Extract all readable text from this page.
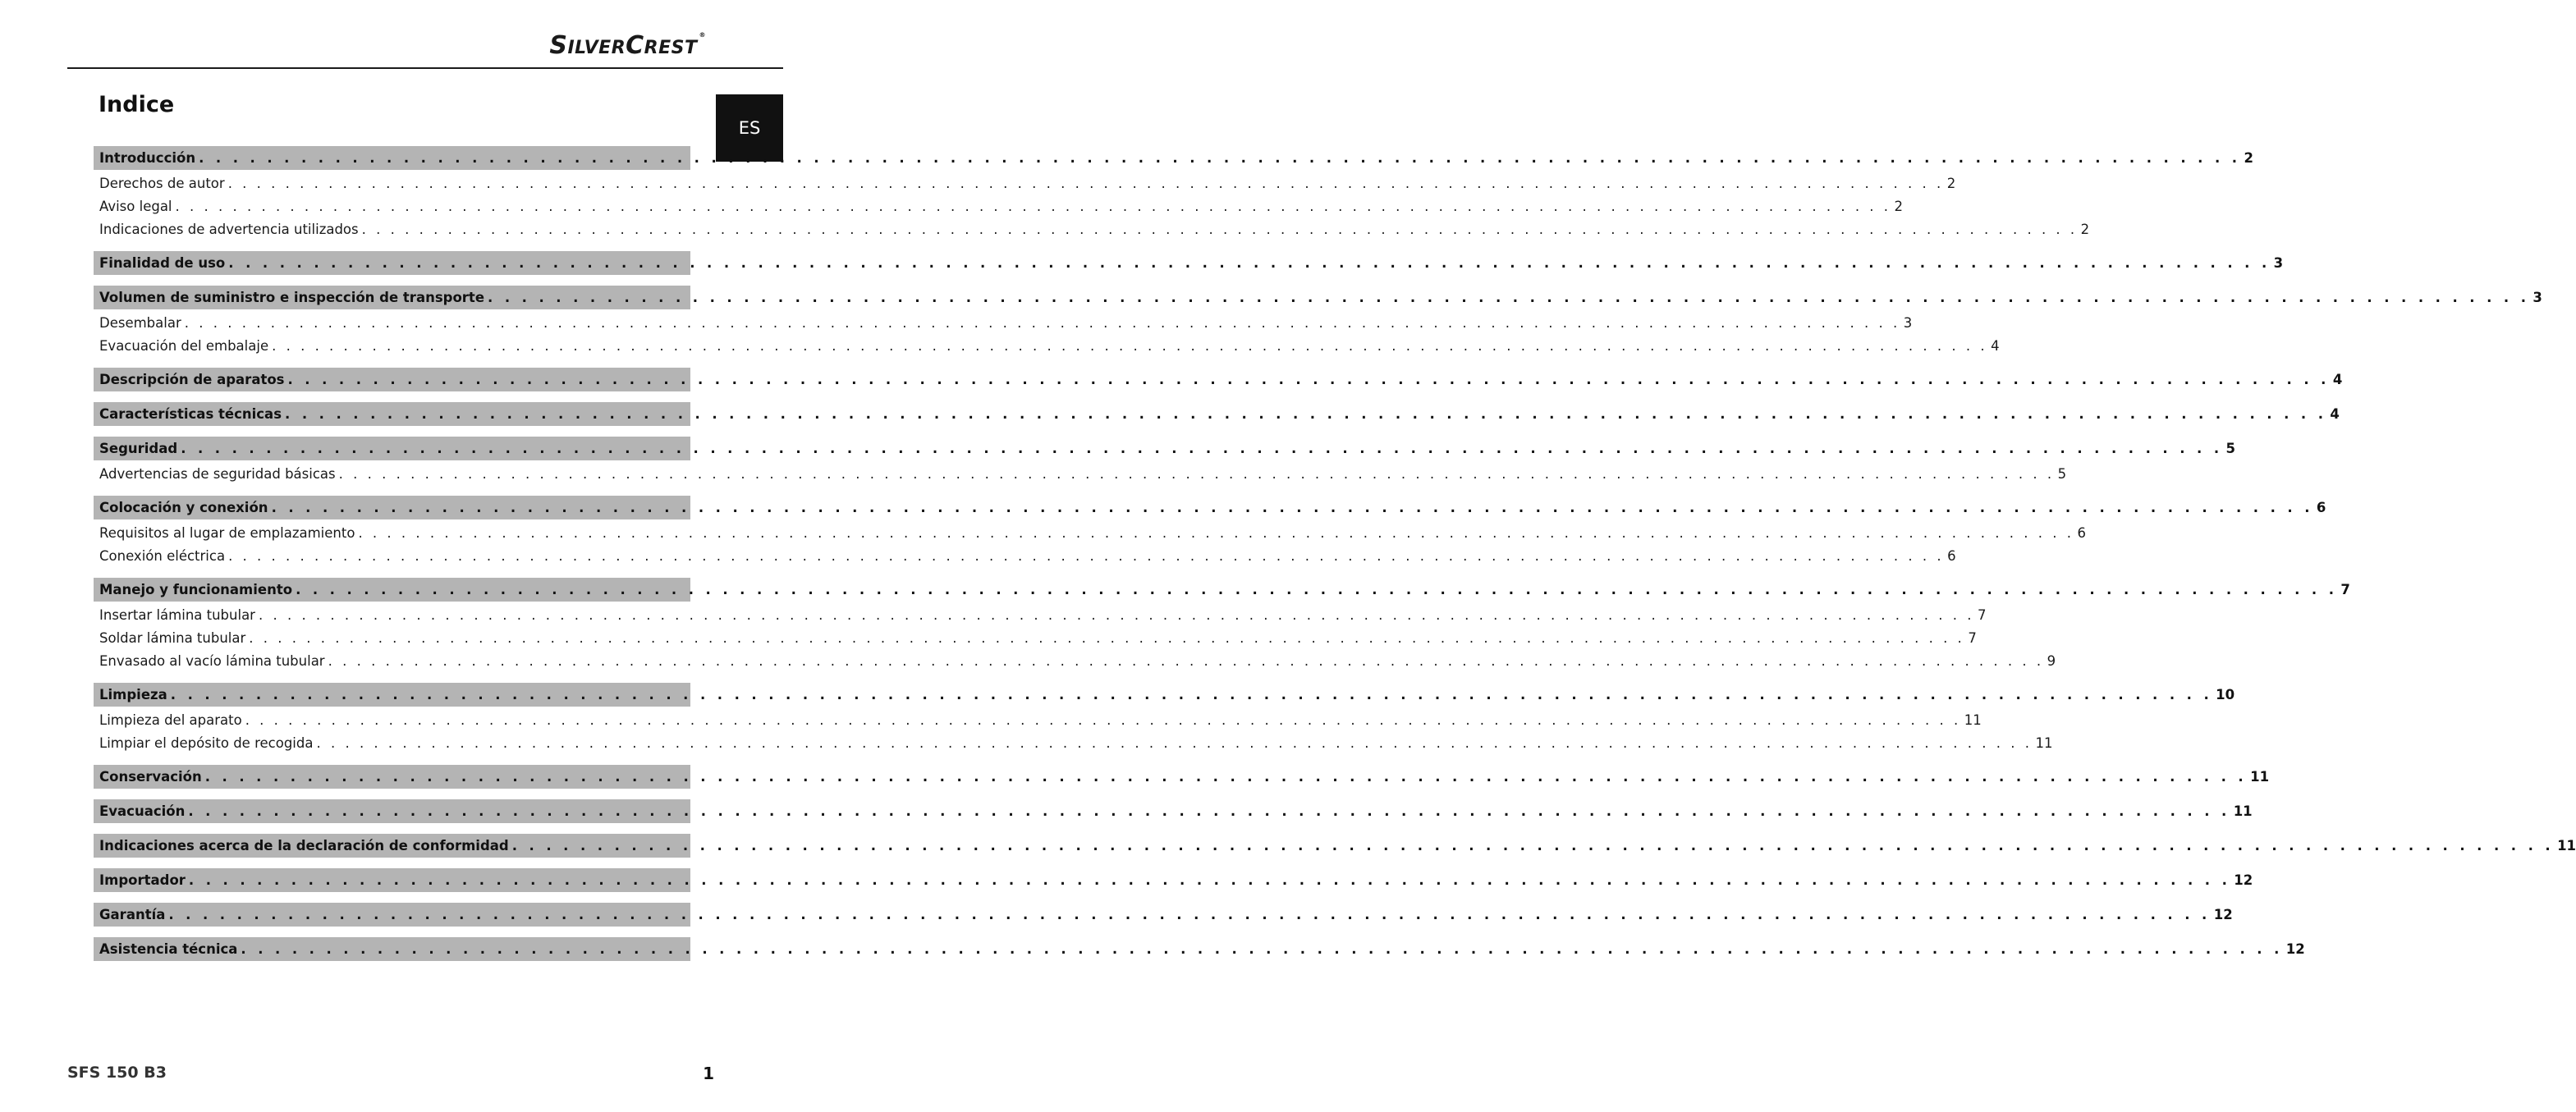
SILVERCREST®
ES
Indice
Introducción . . . . . . . . . . . . . . . . . . . . . . . . . . . . . . . . . . . . . . . . . . . . . . . . . . . . . . . . . . . . . . . . . . . . . . . . . . . . . . . . . . . . . . . . . . . . . . . . . . . . . . . . . . . . . . . . . . . . . . . . 2
Derechos de autor . . . . . . . . . . . . . . . . . . . . . . . . . . . . . . . . . . . . . . . . . . . . . . . . . . . . . . . . . . . . . . . . . . . . . . . . . . . . . . . . . . . . . . . . . . . . . . . . . . . . . . . . . . . . . . . . . . . . . . . . 2
Aviso legal . . . . . . . . . . . . . . . . . . . . . . . . . . . . . . . . . . . . . . . . . . . . . . . . . . . . . . . . . . . . . . . . . . . . . . . . . . . . . . . . . . . . . . . . . . . . . . . . . . . . . . . . . . . . . . . . . . . . . . . . 2
Indicaciones de advertencia utilizados . . . . . . . . . . . . . . . . . . . . . . . . . . . . . . . . . . . . . . . . . . . . . . . . . . . . . . . . . . . . . . . . . . . . . . . . . . . . . . . . . . . . . . . . . . . . . . . . . . . . . . . . . . . . . . . . . . . . . . . . 2
Finalidad de uso . . . . . . . . . . . . . . . . . . . . . . . . . . . . . . . . . . . . . . . . . . . . . . . . . . . . . . . . . . . . . . . . . . . . . . . . . . . . . . . . . . . . . . . . . . . . . . . . . . . . . . . . . . . . . . . . . . . . . . . . 3
Volumen de suministro e inspección de transporte . . . . . . . . . . . . . . . . . . . . . . . . . . . . . . . . . . . . . . . . . . . . . . . . . . . . . . . . . . . . . . . . . . . . . . . . . . . . . . . . . . . . . . . . . . . . . . . . . . . . . . . . . . . . . . . . . . . . . . . . 3
Desembalar . . . . . . . . . . . . . . . . . . . . . . . . . . . . . . . . . . . . . . . . . . . . . . . . . . . . . . . . . . . . . . . . . . . . . . . . . . . . . . . . . . . . . . . . . . . . . . . . . . . . . . . . . . . . . . . . . . . . . . . . 3
Evacuación del embalaje . . . . . . . . . . . . . . . . . . . . . . . . . . . . . . . . . . . . . . . . . . . . . . . . . . . . . . . . . . . . . . . . . . . . . . . . . . . . . . . . . . . . . . . . . . . . . . . . . . . . . . . . . . . . . . . . . . . . . . . . 4
Descripción de aparatos . . . . . . . . . . . . . . . . . . . . . . . . . . . . . . . . . . . . . . . . . . . . . . . . . . . . . . . . . . . . . . . . . . . . . . . . . . . . . . . . . . . . . . . . . . . . . . . . . . . . . . . . . . . . . . . . . . . . . . . . 4
Características técnicas . . . . . . . . . . . . . . . . . . . . . . . . . . . . . . . . . . . . . . . . . . . . . . . . . . . . . . . . . . . . . . . . . . . . . . . . . . . . . . . . . . . . . . . . . . . . . . . . . . . . . . . . . . . . . . . . . . . . . . . . 4
Seguridad . . . . . . . . . . . . . . . . . . . . . . . . . . . . . . . . . . . . . . . . . . . . . . . . . . . . . . . . . . . . . . . . . . . . . . . . . . . . . . . . . . . . . . . . . . . . . . . . . . . . . . . . . . . . . . . . . . . . . . . . 5
Advertencias de seguridad básicas . . . . . . . . . . . . . . . . . . . . . . . . . . . . . . . . . . . . . . . . . . . . . . . . . . . . . . . . . . . . . . . . . . . . . . . . . . . . . . . . . . . . . . . . . . . . . . . . . . . . . . . . . . . . . . . . . . . . . . . . 5
Colocación y conexión . . . . . . . . . . . . . . . . . . . . . . . . . . . . . . . . . . . . . . . . . . . . . . . . . . . . . . . . . . . . . . . . . . . . . . . . . . . . . . . . . . . . . . . . . . . . . . . . . . . . . . . . . . . . . . . . . . . . . . . . 6
Requisitos al lugar de emplazamiento . . . . . . . . . . . . . . . . . . . . . . . . . . . . . . . . . . . . . . . . . . . . . . . . . . . . . . . . . . . . . . . . . . . . . . . . . . . . . . . . . . . . . . . . . . . . . . . . . . . . . . . . . . . . . . . . . . . . . . . . 6
Conexión eléctrica . . . . . . . . . . . . . . . . . . . . . . . . . . . . . . . . . . . . . . . . . . . . . . . . . . . . . . . . . . . . . . . . . . . . . . . . . . . . . . . . . . . . . . . . . . . . . . . . . . . . . . . . . . . . . . . . . . . . . . . . 6
Manejo y funcionamiento . . . . . . . . . . . . . . . . . . . . . . . . . . . . . . . . . . . . . . . . . . . . . . . . . . . . . . . . . . . . . . . . . . . . . . . . . . . . . . . . . . . . . . . . . . . . . . . . . . . . . . . . . . . . . . . . . . . . . . . . 7
Insertar lámina tubular . . . . . . . . . . . . . . . . . . . . . . . . . . . . . . . . . . . . . . . . . . . . . . . . . . . . . . . . . . . . . . . . . . . . . . . . . . . . . . . . . . . . . . . . . . . . . . . . . . . . . . . . . . . . . . . . . . . . . . . . 7
Soldar lámina tubular . . . . . . . . . . . . . . . . . . . . . . . . . . . . . . . . . . . . . . . . . . . . . . . . . . . . . . . . . . . . . . . . . . . . . . . . . . . . . . . . . . . . . . . . . . . . . . . . . . . . . . . . . . . . . . . . . . . . . . . . 7
Envasado al vacío lámina tubular . . . . . . . . . . . . . . . . . . . . . . . . . . . . . . . . . . . . . . . . . . . . . . . . . . . . . . . . . . . . . . . . . . . . . . . . . . . . . . . . . . . . . . . . . . . . . . . . . . . . . . . . . . . . . . . . . . . . . . . . 9
Limpieza . . . . . . . . . . . . . . . . . . . . . . . . . . . . . . . . . . . . . . . . . . . . . . . . . . . . . . . . . . . . . . . . . . . . . . . . . . . . . . . . . . . . . . . . . . . . . . . . . . . . . . . . . . . . . . . . . . . . . . . . 10
Limpieza del aparato . . . . . . . . . . . . . . . . . . . . . . . . . . . . . . . . . . . . . . . . . . . . . . . . . . . . . . . . . . . . . . . . . . . . . . . . . . . . . . . . . . . . . . . . . . . . . . . . . . . . . . . . . . . . . . . . . . . . . . . . 11
Limpiar el depósito de recogida . . . . . . . . . . . . . . . . . . . . . . . . . . . . . . . . . . . . . . . . . . . . . . . . . . . . . . . . . . . . . . . . . . . . . . . . . . . . . . . . . . . . . . . . . . . . . . . . . . . . . . . . . . . . . . . . . . . . . . . . 11
Conservación . . . . . . . . . . . . . . . . . . . . . . . . . . . . . . . . . . . . . . . . . . . . . . . . . . . . . . . . . . . . . . . . . . . . . . . . . . . . . . . . . . . . . . . . . . . . . . . . . . . . . . . . . . . . . . . . . . . . . . . . 11
Evacuación . . . . . . . . . . . . . . . . . . . . . . . . . . . . . . . . . . . . . . . . . . . . . . . . . . . . . . . . . . . . . . . . . . . . . . . . . . . . . . . . . . . . . . . . . . . . . . . . . . . . . . . . . . . . . . . . . . . . . . . . 11
Indicaciones acerca de la declaración de conformidad . . . . . . . . . . . . . . . . . . . . . . . . . . . . . . . . . . . . . . . . . . . . . . . . . . . . . . . . . . . . . . . . . . . . . . . . . . . . . . . . . . . . . . . . . . . . . . . . . . . . . . . . . . . . . . . . . . . . . . . . 11
Importador . . . . . . . . . . . . . . . . . . . . . . . . . . . . . . . . . . . . . . . . . . . . . . . . . . . . . . . . . . . . . . . . . . . . . . . . . . . . . . . . . . . . . . . . . . . . . . . . . . . . . . . . . . . . . . . . . . . . . . . . 12
Garantía . . . . . . . . . . . . . . . . . . . . . . . . . . . . . . . . . . . . . . . . . . . . . . . . . . . . . . . . . . . . . . . . . . . . . . . . . . . . . . . . . . . . . . . . . . . . . . . . . . . . . . . . . . . . . . . . . . . . . . . . 12
Asistencia técnica . . . . . . . . . . . . . . . . . . . . . . . . . . . . . . . . . . . . . . . . . . . . . . . . . . . . . . . . . . . . . . . . . . . . . . . . . . . . . . . . . . . . . . . . . . . . . . . . . . . . . . . . . . . . . . . . . . . . . . . . 12
SFS 150 B3	1
